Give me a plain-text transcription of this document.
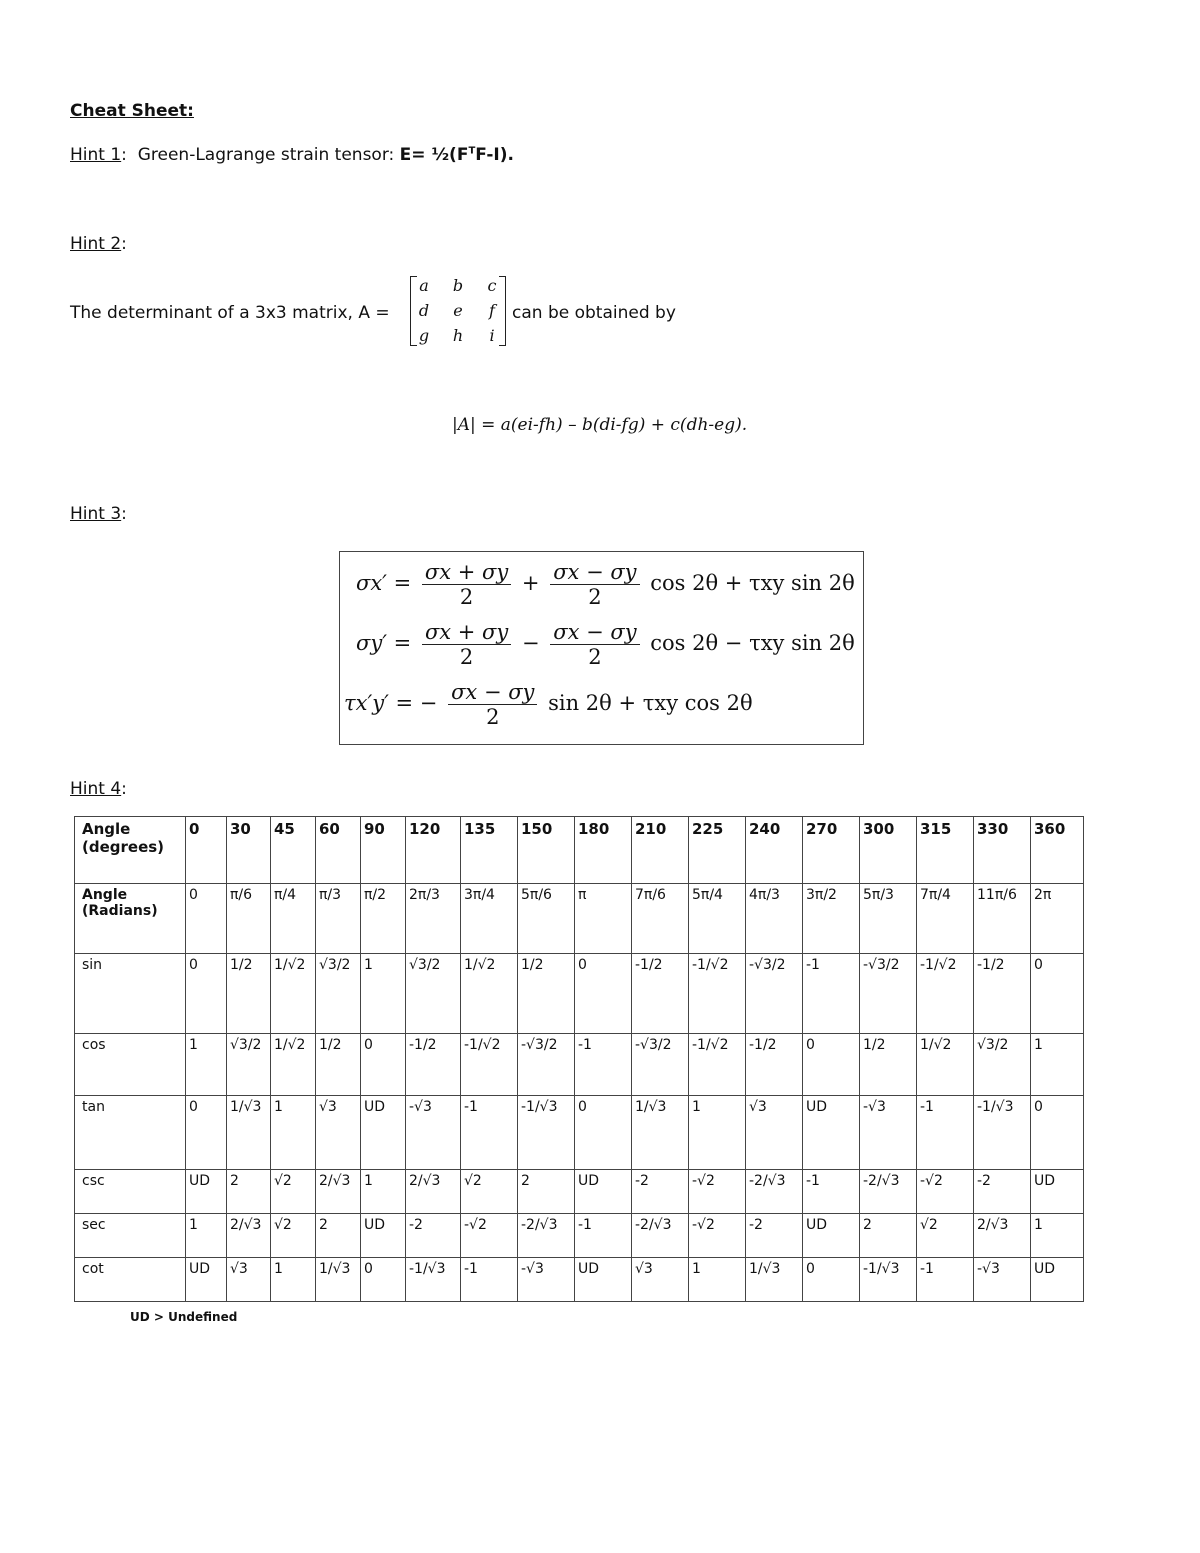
Cheat Sheet:
Hint 1: Green-Lagrange strain tensor: $E= \frac{1}{2}(F^TF-I)$.
Hint 2:
The determinant of a 3x3 matrix, A =
a	b	c
d	e	f
g	h	i
can be obtained by
|A| = a(ei-fh) – b(di-fg) + c(dh-eg).
Hint 3:
$\sigma x' = \frac{\sigma x + \sigma y}{2} + \frac{\sigma x - \sigma y}{2}$ cos 2θ + τxy sin 2θ
$\sigma y' = \frac{\sigma x + \sigma y}{2} - \frac{\sigma x - \sigma y}{2}$ cos 2θ − τxy sin 2θ
τx′y′ = − $\frac{\sigma x - \sigma y}{2}$ sin 2θ + τxy cos 2θ
Hint 4:
Angle (degrees)	0	30	45	60	90	120	135	150	180	210	225	240	270	300	315	330	360
Angle (Radians)	0	π/6	π/4	π/3	π/2	2π/3	3π/4	5π/6	π	7π/6	5π/4	4π/3	3π/2	5π/3	7π/4	11π/6	2π
sin	0	1/2	1/√2	√3/2	1	√3/2	1/√2	1/2	0	-1/2	-1/√2	-√3/2	-1	-√3/2	-1/√2	-1/2	0
cos	1	√3/2	1/√2	1/2	0	-1/2	-1/√2	-√3/2	-1	-√3/2	-1/√2	-1/2	0	1/2	1/√2	√3/2	1
tan	0	1/√3	1	√3	UD	-√3	-1	-1/√3	0	1/√3	1	√3	UD	-√3	-1	-1/√3	0
csc	UD	2	√2	2/√3	1	2/√3	√2	2	UD	-2	-√2	-2/√3	-1	-2/√3	-√2	-2	UD
sec	1	2/√3	√2	2	UD	-2	-√2	-2/√3	-1	-2/√3	-√2	-2	UD	2	√2	2/√3	1
cot	UD	√3	1	1/√3	0	-1/√3	-1	-√3	UD	√3	1	1/√3	0	-1/√3	-1	-√3	UD
UD > Undefined
